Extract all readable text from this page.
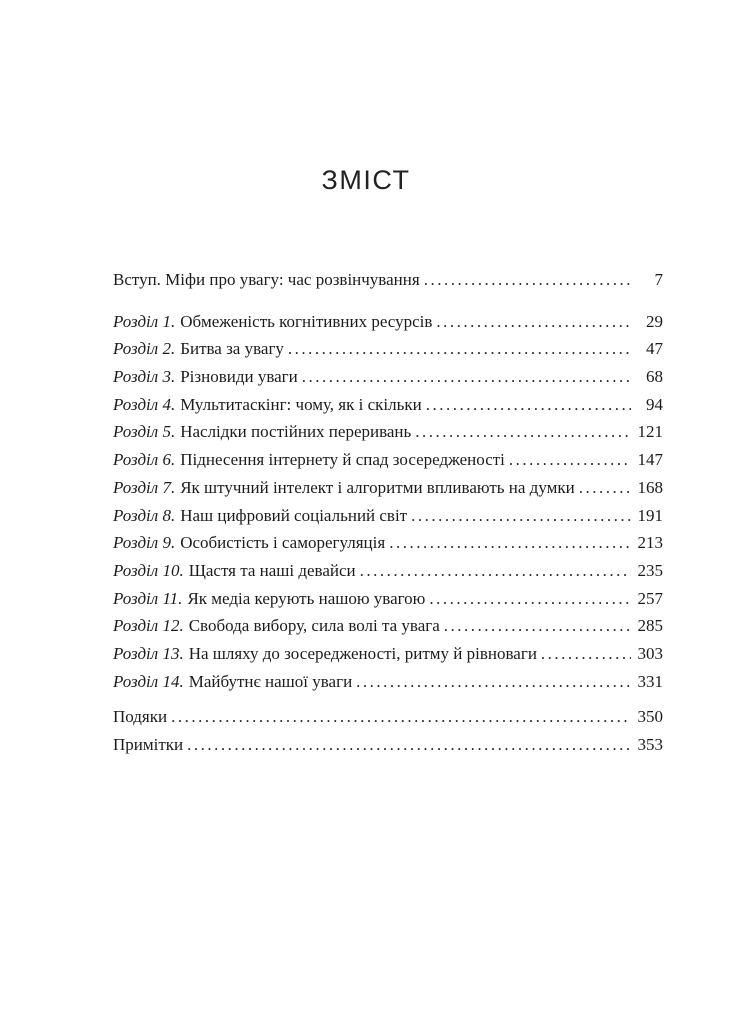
ЗМІСТ
Вступ. Міфи про увагу: час розвінчування .....	7
Розділ 1. Обмеженість когнітивних ресурсів .....	29
Розділ 2. Битва за увагу .....	47
Розділ 3. Різновиди уваги .....	68
Розділ 4. Мультитаскінг: чому, як і скільки .....	94
Розділ 5. Наслідки постійних переривань .....	121
Розділ 6. Піднесення інтернету й спад зосередженості .....	147
Розділ 7. Як штучний інтелект і алгоритми впливають на думки .....	168
Розділ 8. Наш цифровий соціальний світ .....	191
Розділ 9. Особистість і саморегуляція .....	213
Розділ 10. Щастя та наші девайси .....	235
Розділ 11. Як медіа керують нашою увагою .....	257
Розділ 12. Свобода вибору, сила волі та увага .....	285
Розділ 13. На шляху до зосередженості, ритму й рівноваги .....	303
Розділ 14. Майбутнє нашої уваги .....	331
Подяки .....	350
Примітки .....	353
